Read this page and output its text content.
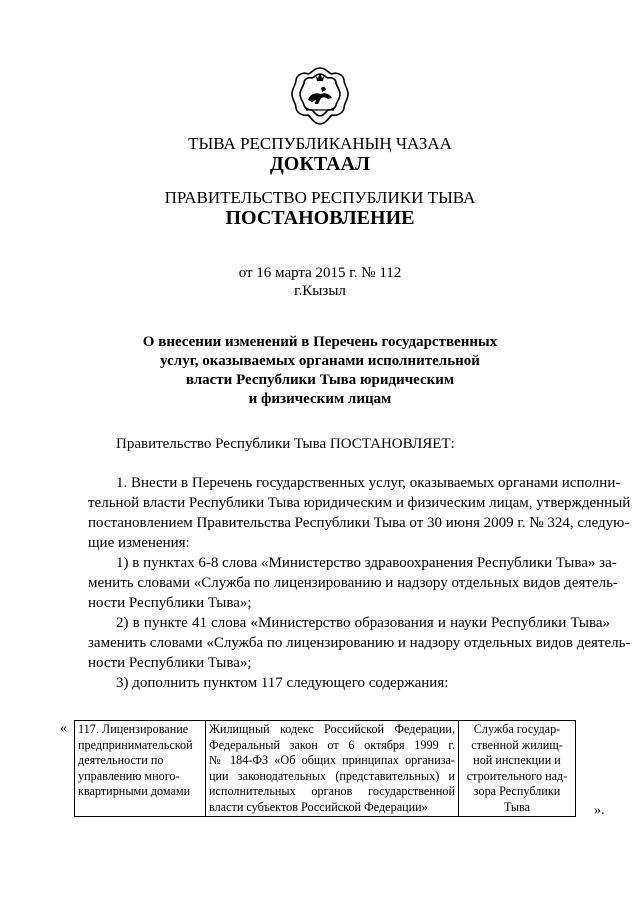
ТЫВА РЕСПУБЛИКАНЫҢ ЧАЗАА
ДОКТААЛ
ПРАВИТЕЛЬСТВО РЕСПУБЛИКИ ТЫВА
ПОСТАНОВЛЕНИЕ
от 16 марта 2015 г. № 112
г.Кызыл
О внесении изменений в Перечень государственных
услуг, оказываемых органами исполнительной
власти Республики Тыва юридическим
и физическим лицам
Правительство Республики Тыва ПОСТАНОВЛЯЕТ:
1. Внести в Перечень государственных услуг, оказываемых органами исполни-
тельной власти Республики Тыва юридическим и физическим лицам, утвержденный
постановлением Правительства Республики Тыва от 30 июня 2009 г. № 324, следую-
щие изменения:
1) в пунктах 6-8 слова «Министерство здравоохранения Республики Тыва» за-
менить словами «Служба по лицензированию и надзору отдельных видов деятель-
ности Республики Тыва»;
2) в пункте 41 слова «Министерство образования и науки Республики Тыва»
заменить словами «Служба по лицензированию и надзору отдельных видов деятель-
ности Республики Тыва»;
3) дополнить пунктом 117 следующего содержания:
« 117. Лицензирование
предпринимательской
деятельности по
управлению много-
квартирными домами

Жилищный кодекс Российской Федерации,
Федеральный закон от 6 октября 1999 г.
№ 184-ФЗ «Об общих принципах организа-
ции законодательных (представительных) и
исполнительных органов государственной
власти субъектов Российской Федерации»

Служба государ-
ственной жилищ-
ной инспекции и
строительного над-
зора Республики
Тыва	».
